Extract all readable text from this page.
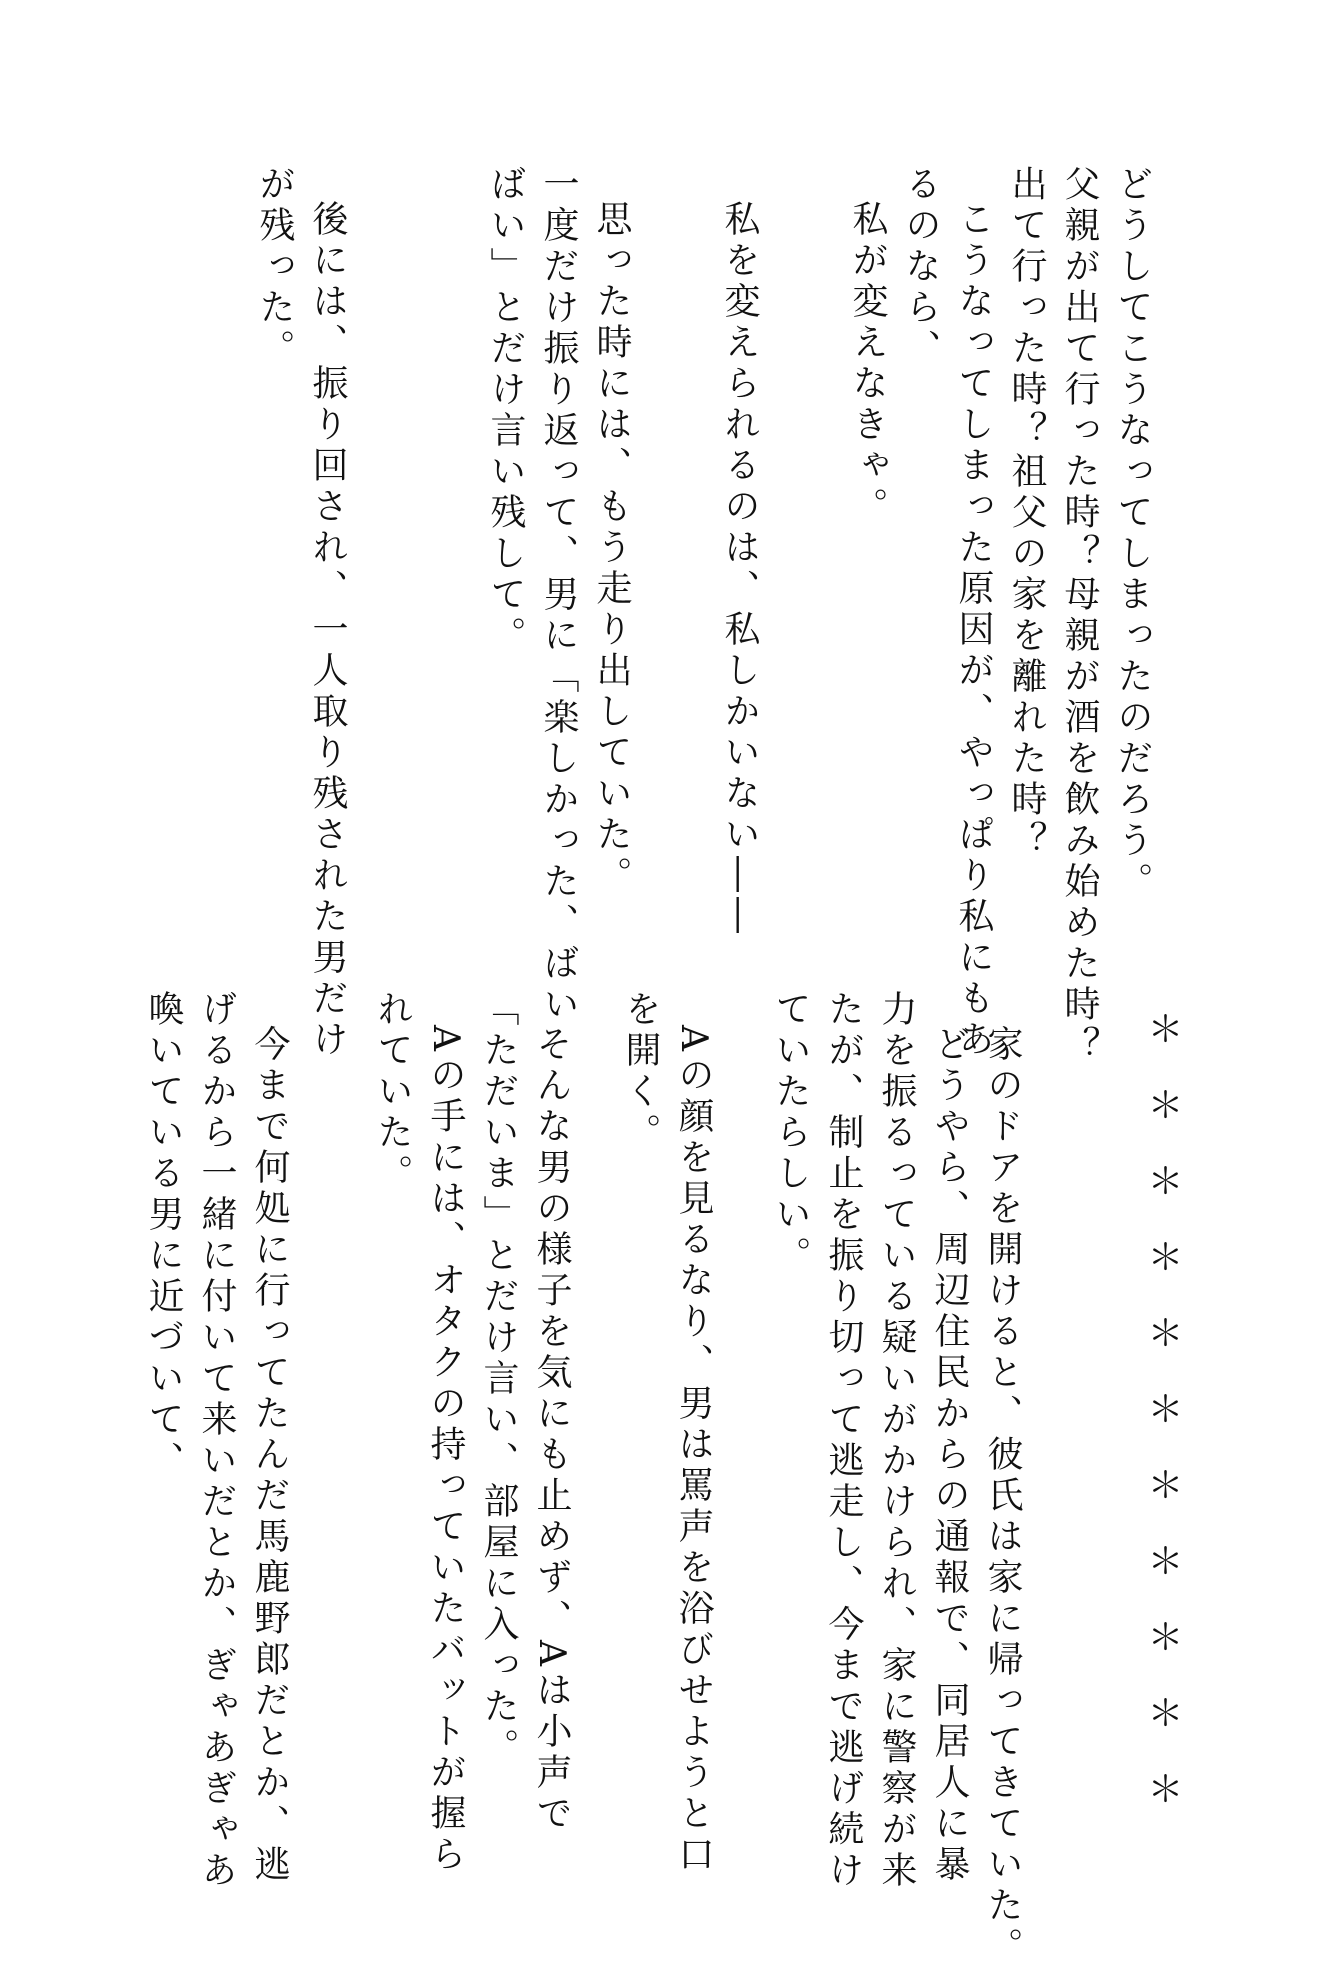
どうしてこうなってしまったのだろう。
父親が出て行った時？母親が酒を飲み始めた時？
出て行った時？祖父の家を離れた時？
こうなってしまった原因が、やっぱり私にもあ
るのなら、
私が変えなきゃ。
私を変えられるのは、私しかいない――
思った時には、もう走り出していた。
一度だけ振り返って、男に「楽しかった、ばい
ばい」とだけ言い残して。
後には、振り回され、一人取り残された男だけ
が残った。
＊＊＊＊＊＊＊＊＊＊＊
家のドアを開けると、彼氏は家に帰ってきていた。
どうやら、周辺住民からの通報で、同居人に暴
力を振るっている疑いがかけられ、家に警察が来
たが、制止を振り切って逃走し、今まで逃げ続け
ていたらしい。
Aの顔を見るなり、男は罵声を浴びせようと口
を開く。
そんな男の様子を気にも止めず、Aは小声で
「ただいま」とだけ言い、部屋に入った。
Aの手には、オタクの持っていたバットが握ら
れていた。
今まで何処に行ってたんだ馬鹿野郎だとか、逃
げるから一緒に付いて来いだとか、ぎゃあぎゃあ
喚いている男に近づいて、
